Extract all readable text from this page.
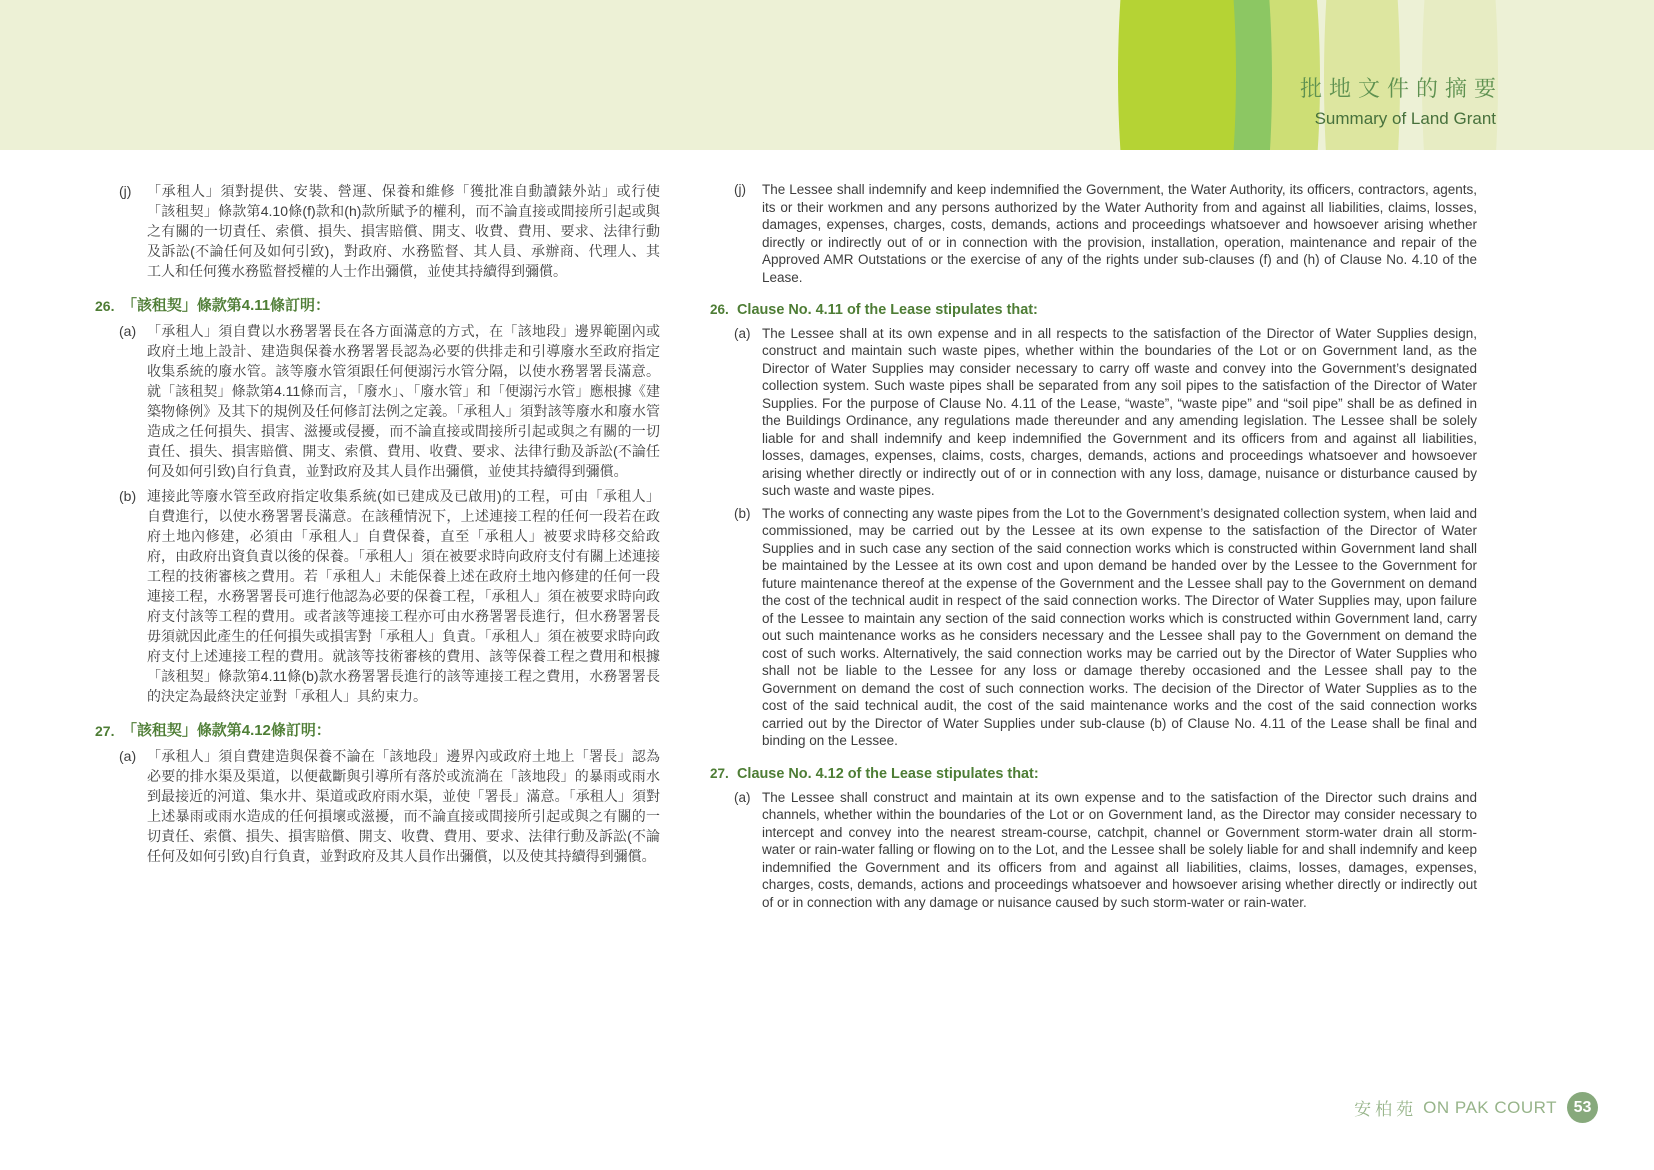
批地文件的摘要
Summary of Land Grant
(j)	「承租人」須對提供、安裝、營運、保養和維修「獲批准自動讀錶外站」或行使「該租契」條款第4.10條(f)款和(h)款所賦予的權利，而不論直接或間接所引起或與之有關的一切責任、索償、損失、損害賠償、開支、收費、費用、要求、法律行動及訴訟(不論任何及如何引致)，對政府、水務監督、其人員、承辦商、代理人、其工人和任何獲水務監督授權的人士作出彌償，並使其持續得到彌償。

26. 「該租契」條款第4.11條訂明：
(a) 「承租人」須自費以水務署署長在各方面滿意的方式，在「該地段」邊界範圍內或政府土地上設計、建造與保養水務署署長認為必要的供排走和引導廢水至政府指定收集系統的廢水管。該等廢水管須跟任何便溺污水管分隔，以使水務署署長滿意。就「該租契」條款第4.11條而言，「廢水」、「廢水管」和「便溺污水管」應根據《建築物條例》及其下的規例及任何修訂法例之定義。「承租人」須對該等廢水和廢水管造成之任何損失、損害、滋擾或侵擾，而不論直接或間接所引起或與之有關的一切責任、損失、損害賠償、開支、索償、費用、收費、要求、法律行動及訴訟(不論任何及如何引致)自行負責，並對政府及其人員作出彌償，並使其持續得到彌償。

(b) 連接此等廢水管至政府指定收集系統(如已建成及已啟用)的工程，可由「承租人」自費進行，以使水務署署長滿意。在該種情況下，上述連接工程的任何一段若在政府土地內修建，必須由「承租人」自費保養，直至「承租人」被要求時移交給政府，由政府出資負責以後的保養。「承租人」須在被要求時向政府支付有關上述連接工程的技術審核之費用。若「承租人」未能保養上述在政府土地內修建的任何一段連接工程，水務署署長可進行他認為必要的保養工程，「承租人」須在被要求時向政府支付該等工程的費用。或者該等連接工程亦可由水務署署長進行，但水務署署長毋須就因此產生的任何損失或損害對「承租人」負責。「承租人」須在被要求時向政府支付上述連接工程的費用。就該等技術審核的費用、該等保養工程之費用和根據「該租契」條款第4.11條(b)款水務署署長進行的該等連接工程之費用，水務署署長的決定為最終決定並對「承租人」具約束力。

27. 「該租契」條款第4.12條訂明：
(a) 「承租人」須自費建造與保養不論在「該地段」邊界內或政府土地上「署長」認為必要的排水渠及渠道，以便截斷與引導所有落於或流淌在「該地段」的暴雨或雨水到最接近的河道、集水井、渠道或政府雨水渠，並使「署長」滿意。「承租人」須對上述暴雨或雨水造成的任何損壞或滋擾，而不論直接或間接所引起或與之有關的一切責任、索償、損失、損害賠償、開支、收費、費用、要求、法律行動及訴訟(不論任何及如何引致)自行負責，並對政府及其人員作出彌償，以及使其持續得到彌償。

(j)	The Lessee shall indemnify and keep indemnified the Government, the Water Authority, its officers, contractors, agents, its or their workmen and any persons authorized by the Water Authority from and against all liabilities, claims, losses, damages, expenses, charges, costs, demands, actions and proceedings whatsoever and howsoever arising whether directly or indirectly out of or in connection with the provision, installation, operation, maintenance and repair of the Approved AMR Outstations or the exercise of any of the rights under sub-clauses (f) and (h) of Clause No. 4.10 of the Lease.

26. Clause No. 4.11 of the Lease stipulates that:
(a) The Lessee shall at its own expense and in all respects to the satisfaction of the Director of Water Supplies design, construct and maintain such waste pipes, whether within the boundaries of the Lot or on Government land, as the Director of Water Supplies may consider necessary to carry off waste and convey into the Government’s designated collection system. Such waste pipes shall be separated from any soil pipes to the satisfaction of the Director of Water Supplies. For the purpose of Clause No. 4.11 of the Lease, “waste”, “waste pipe” and “soil pipe” shall be as defined in the Buildings Ordinance, any regulations made thereunder and any amending legislation. The Lessee shall be solely liable for and shall indemnify and keep indemnified the Government and its officers from and against all liabilities, losses, damages, expenses, claims, costs, charges, demands, actions and proceedings whatsoever and howsoever arising whether directly or indirectly out of or in connection with any loss, damage, nuisance or disturbance caused by such waste and waste pipes.

(b) The works of connecting any waste pipes from the Lot to the Government’s designated collection system, when laid and commissioned, may be carried out by the Lessee at its own expense to the satisfaction of the Director of Water Supplies and in such case any section of the said connection works which is constructed within Government land shall be maintained by the Lessee at its own cost and upon demand be handed over by the Lessee to the Government for future maintenance thereof at the expense of the Government and the Lessee shall pay to the Government on demand the cost of the technical audit in respect of the said connection works. The Director of Water Supplies may, upon failure of the Lessee to maintain any section of the said connection works which is constructed within Government land, carry out such maintenance works as he considers necessary and the Lessee shall pay to the Government on demand the cost of such works. Alternatively, the said connection works may be carried out by the Director of Water Supplies who shall not be liable to the Lessee for any loss or damage thereby occasioned and the Lessee shall pay to the Government on demand the cost of such connection works. The decision of the Director of Water Supplies as to the cost of the said technical audit, the cost of the said maintenance works and the cost of the said connection works carried out by the Director of Water Supplies under sub-clause (b) of Clause No. 4.11 of the Lease shall be final and binding on the Lessee.

27. Clause No. 4.12 of the Lease stipulates that:
(a) The Lessee shall construct and maintain at its own expense and to the satisfaction of the Director such drains and channels, whether within the boundaries of the Lot or on Government land, as the Director may consider necessary to intercept and convey into the nearest stream-course, catchpit, channel or Government storm-water drain all storm-water or rain-water falling or flowing on to the Lot, and the Lessee shall be solely liable for and shall indemnify and keep indemnified the Government and its officers from and against all liabilities, claims, losses, damages, expenses, charges, costs, demands, actions and proceedings whatsoever and howsoever arising whether directly or indirectly out of or in connection with any damage or nuisance caused by such storm-water or rain-water.

安柏苑 ON PAK COURT	53
